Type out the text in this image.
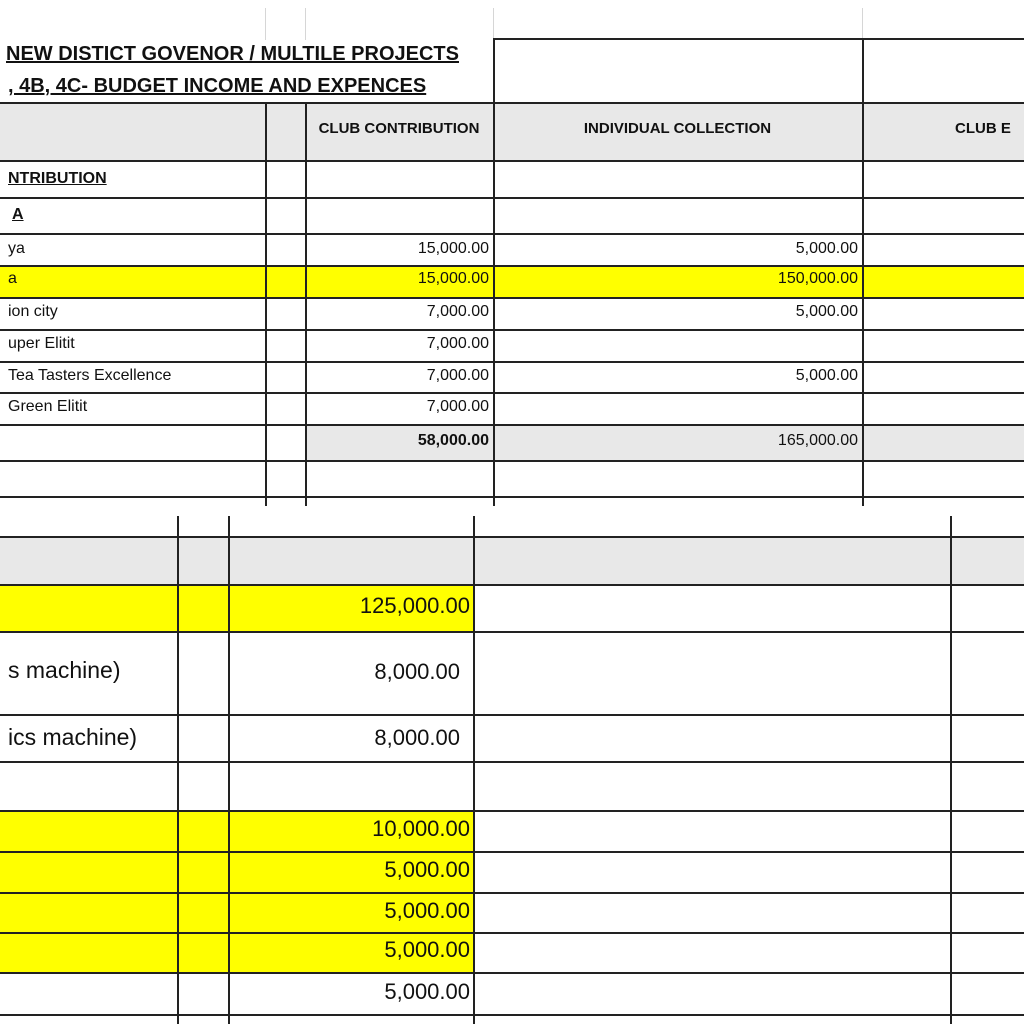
NEW DISTICT GOVENOR / MULTILE PROJECTS
, 4B, 4C- BUDGET INCOME AND EXPENCES
CLUB CONTRIBUTION	INDIVIDUAL COLLECTION	CLUB E
NTRIBUTION
A
ya	15,000.00	5,000.00
a	15,000.00	150,000.00
ion city	7,000.00	5,000.00
uper Elitit	7,000.00
Tea Tasters Excellence	7,000.00	5,000.00
Green Elitit	7,000.00
58,000.00	165,000.00
125,000.00
s machine)	8,000.00
ics machine)	8,000.00
10,000.00
5,000.00
5,000.00
5,000.00
5,000.00
